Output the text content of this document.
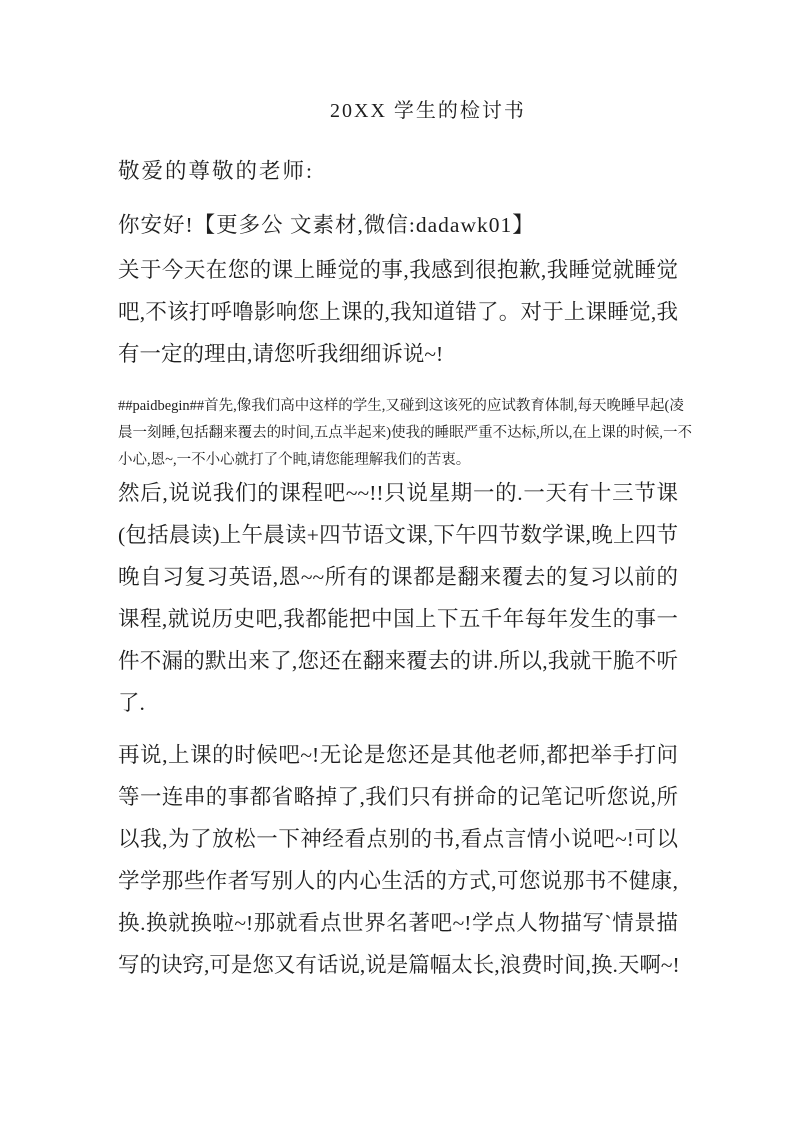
20XX 学生的检讨书
敬爱的尊敬的老师:
你安好!【更多公 文素材,微信:dadawk01】
关于今天在您的课上睡觉的事,我感到很抱歉,我睡觉就睡觉
吧,不该打呼噜影响您上课的,我知道错了。对于上课睡觉,我
有一定的理由,请您听我细细诉说~!
##paidbegin##首先,像我们高中这样的学生,又碰到这该死的应试教育体制,每天晚睡早起(凌
晨一刻睡,包括翻来覆去的时间,五点半起来)使我的睡眠严重不达标,所以,在上课的时候,一不
小心,恩~,一不小心就打了个盹,请您能理解我们的苦衷。
然后,说说我们的课程吧~~!!只说星期一的.一天有十三节课
(包括晨读)上午晨读+四节语文课,下午四节数学课,晚上四节
晚自习复习英语,恩~~所有的课都是翻来覆去的复习以前的
课程,就说历史吧,我都能把中国上下五千年每年发生的事一
件不漏的默出来了,您还在翻来覆去的讲.所以,我就干脆不听
了.
再说,上课的时候吧~!无论是您还是其他老师,都把举手打问
等一连串的事都省略掉了,我们只有拼命的记笔记听您说,所
以我,为了放松一下神经看点别的书,看点言情小说吧~!可以
学学那些作者写别人的内心生活的方式,可您说那书不健康,
换.换就换啦~!那就看点世界名著吧~!学点人物描写`情景描
写的诀窍,可是您又有话说,说是篇幅太长,浪费时间,换.天啊~!
